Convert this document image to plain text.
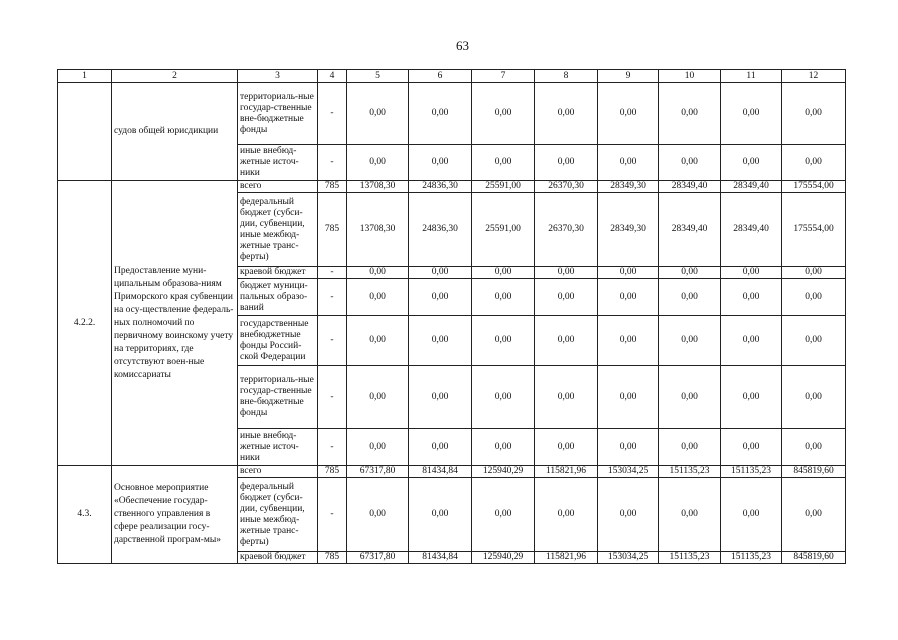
63
1	2	3	4	5	6	7	8	9	10	11	12
	судов общей юрисдикции	территориаль-ные государ-ственные вне-бюджетные фонды	-	0,00	0,00	0,00	0,00	0,00	0,00	0,00	0,00
		иные внебюд-жетные источ-ники	-	0,00	0,00	0,00	0,00	0,00	0,00	0,00	0,00
4.2.2.	Предоставление муни-ципальным образова-ниям Приморского края субвенции на осу-ществление федераль-ных полномочий по первичному воинскому учету на территориях, где отсутствуют воен-ные комиссариаты	всего	785	13708,30	24836,30	25591,00	26370,30	28349,30	28349,40	28349,40	175554,00
		федеральный бюджет (субси-дии, субвенции, иные межбюд-жетные транс-ферты)	785	13708,30	24836,30	25591,00	26370,30	28349,30	28349,40	28349,40	175554,00
		краевой бюджет	-	0,00	0,00	0,00	0,00	0,00	0,00	0,00	0,00
		бюджет муници-пальных образо-ваний	-	0,00	0,00	0,00	0,00	0,00	0,00	0,00	0,00
		государственные внебюджетные фонды Россий-ской Федерации	-	0,00	0,00	0,00	0,00	0,00	0,00	0,00	0,00
		территориаль-ные государ-ственные вне-бюджетные фонды	-	0,00	0,00	0,00	0,00	0,00	0,00	0,00	0,00
		иные внебюд-жетные источ-ники	-	0,00	0,00	0,00	0,00	0,00	0,00	0,00	0,00
4.3.	Основное мероприятие «Обеспечение государ-ственного управления в сфере реализации госу-дарственной програм-мы»	всего	785	67317,80	81434,84	125940,29	115821,96	153034,25	151135,23	151135,23	845819,60
		федеральный бюджет (субси-дии, субвенции, иные межбюд-жетные транс-ферты)	-	0,00	0,00	0,00	0,00	0,00	0,00	0,00	0,00
		краевой бюджет	785	67317,80	81434,84	125940,29	115821,96	153034,25	151135,23	151135,23	845819,60
